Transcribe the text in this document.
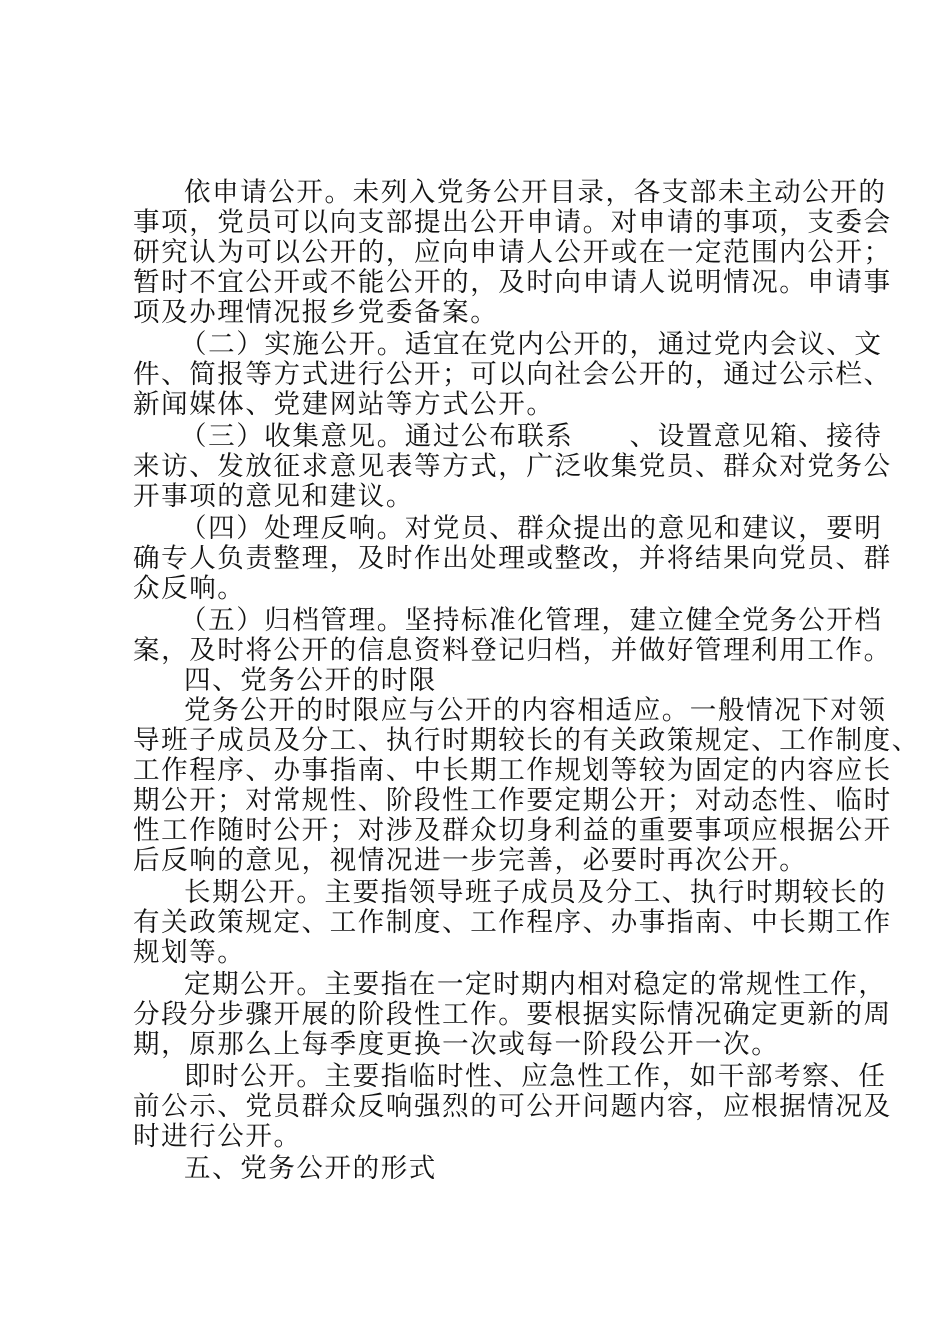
依申请公开。未列入党务公开目录，各支部未主动公开的
事项，党员可以向支部提出公开申请。对申请的事项，支委会
研究认为可以公开的，应向申请人公开或在一定范围内公开；
暂时不宜公开或不能公开的，及时向申请人说明情况。申请事
项及办理情况报乡党委备案。
（二）实施公开。适宜在党内公开的，通过党内会议、文
件、简报等方式进行公开；可以向社会公开的，通过公示栏、
新闻媒体、党建网站等方式公开。
（三）收集意见。通过公布联系　　、设置意见箱、接待
来访、发放征求意见表等方式，广泛收集党员、群众对党务公
开事项的意见和建议。
（四）处理反响。对党员、群众提出的意见和建议，要明
确专人负责整理，及时作出处理或整改，并将结果向党员、群
众反响。
（五）归档管理。坚持标准化管理，建立健全党务公开档
案，及时将公开的信息资料登记归档，并做好管理利用工作。
四、党务公开的时限
党务公开的时限应与公开的内容相适应。一般情况下对领
导班子成员及分工、执行时期较长的有关政策规定、工作制度、
工作程序、办事指南、中长期工作规划等较为固定的内容应长
期公开；对常规性、阶段性工作要定期公开；对动态性、临时
性工作随时公开；对涉及群众切身利益的重要事项应根据公开
后反响的意见，视情况进一步完善，必要时再次公开。
长期公开。主要指领导班子成员及分工、执行时期较长的
有关政策规定、工作制度、工作程序、办事指南、中长期工作
规划等。
定期公开。主要指在一定时期内相对稳定的常规性工作，
分段分步骤开展的阶段性工作。要根据实际情况确定更新的周
期，原那么上每季度更换一次或每一阶段公开一次。
即时公开。主要指临时性、应急性工作，如干部考察、任
前公示、党员群众反响强烈的可公开问题内容，应根据情况及
时进行公开。
五、党务公开的形式
